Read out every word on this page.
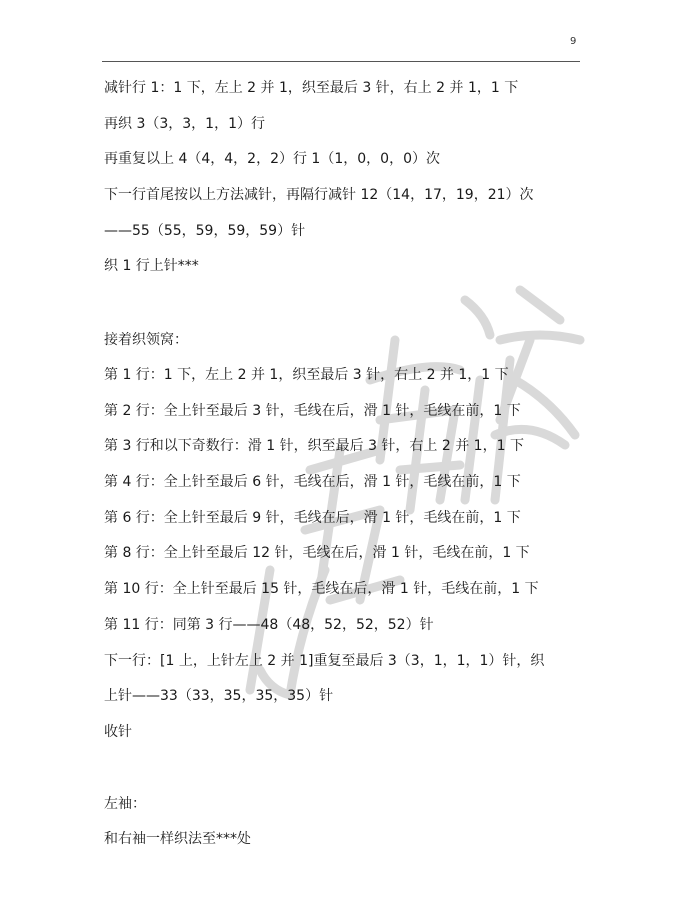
9
减针行 1：1 下，左上 2 并 1，织至最后 3 针，右上 2 并 1，1 下
再织 3（3，3，1，1）行
再重复以上 4（4，4，2，2）行 1（1，0，0，0）次
下一行首尾按以上方法减针，再隔行减针 12（14，17，19，21）次
——55（55，59，59，59）针
织 1 行上针***
接着织领窝：
第 1 行：1 下，左上 2 并 1，织至最后 3 针，右上 2 并 1，1 下
第 2 行：全上针至最后 3 针，毛线在后，滑 1 针，毛线在前，1 下
第 3 行和以下奇数行：滑 1 针，织至最后 3 针，右上 2 并 1，1 下
第 4 行：全上针至最后 6 针，毛线在后，滑 1 针，毛线在前，1 下
第 6 行：全上针至最后 9 针，毛线在后，滑 1 针，毛线在前，1 下
第 8 行：全上针至最后 12 针，毛线在后，滑 1 针，毛线在前，1 下
第 10 行：全上针至最后 15 针，毛线在后，滑 1 针，毛线在前，1 下
第 11 行：同第 3 行——48（48，52，52，52）针
下一行：[1 上，上针左上 2 并 1]重复至最后 3（3，1，1，1）针，织
上针——33（33，35，35，35）针
收针
左袖：
和右袖一样织法至***处
